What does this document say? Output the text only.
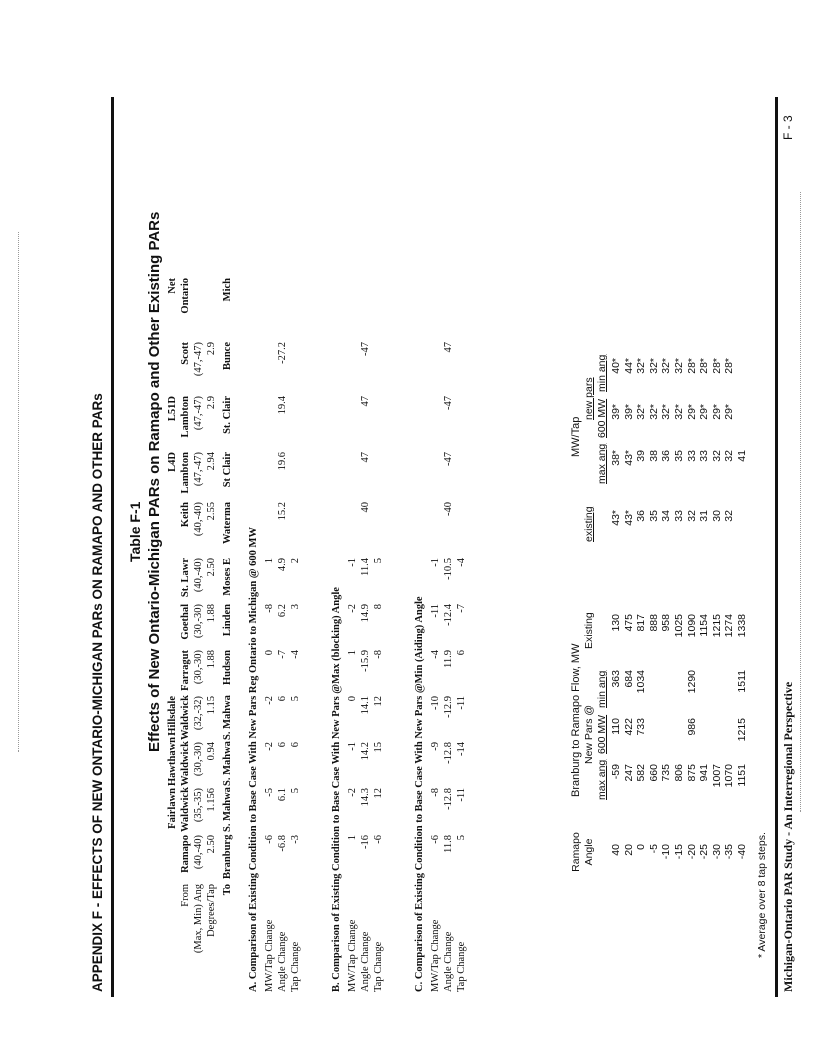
APPENDIX F - EFFECTS OF NEW ONTARIO-MICHIGAN PARs ON RAMAPO AND OTHER PARs Table F-1 Effects of New Ontario-Michigan PARs on Ramapo and Other Existing PARs
From (Max, Min) Ang Degrees/Tap To
Ramapo (40,-40) 2.50 Branburg
Fairlawn Waldwick (35,-35) 1.156 S. Mahwa
Hawthawn Waldwick (30,-30) 0.94 S. Mahwa
Hillsdale Waldwick (32,-32) 1.15 S. Mahwa
Farragut (30,-30) 1.88 Hudson
Goethal (30,-30) 1.88 Linden
St. Lawr (40,-40) 2.50 Moses E
Keith (40,-40) 2.55 Waterma
L4D Lambton (47,-47) 2.94 St Clair
L51D Lambton (47,-47) 2.9 St. Clair
Scott (47,-47) 2.9 Bunce
Net Ontario	Mich
A. Comparison of Existing Condition to Base Case With New Pars Reg Ontario to Michigan @ 600 MW MW/Tap Change
-6
-5
-2
-2
0
-8
1
Angle Change
-6.8
6.1
6
6
-7
6.2
4.9
15.2
19.6
19.4
-27.2
Tap Change
-3
5
6
5
-4
3
2
B. Comparison of Existing Condition to Base Case With New Pars @Max (blocking) Angle MW/Tap Change
1
-2
-1
0
1
-2
-1
Angle Change
-16
14.3
14.2
14.1
-15.9
14.9
11.4
40
47
47
-47
Tap Change
-6
12
15
12
-8
8
5
C. Comparison of Existing Condition to Base Case With New Pars @Min (Aiding) Angle MW/Tap Change
-6
-8
-9
-10
-4
-11
-1
Angle Change
11.8
-12.8
-12.8
-12.9
11.9
-12.4
-10.5
-40
-47
-47
47
Tap Change
5
-11
-14
-11
6
-7
-4
Ramapo Angle
Branburg to Ramapo Flow, MW New Pars @
Existing
max ang
600 MW
min ang
MW/Tap
existing
new pars
max ang
600 MW
min ang
40
-59
110
363
130
43*
38*
39*
40*
20
247
422
684
475
43*
43*
39*
44*
0
582
733
1034
817
36
39
32*
32*
-5
660
888
35
38
32*
32*
-10
735
958
34
36
32*
32*
-15
806
1025
33
35
32*
32*
-20
875
986
1290
1090
32
33
29*
28*
-25
941
1154
31
33
29*
28*
-30
1007
1215
30
32
29*
28*
-35
1070
1274
32
32
29*
28*
-40
1151
1215
1511
1338
41
* Average over 8 tap steps. Michigan-Ontario PAR Study - An Interregional Perspective
F - 3
